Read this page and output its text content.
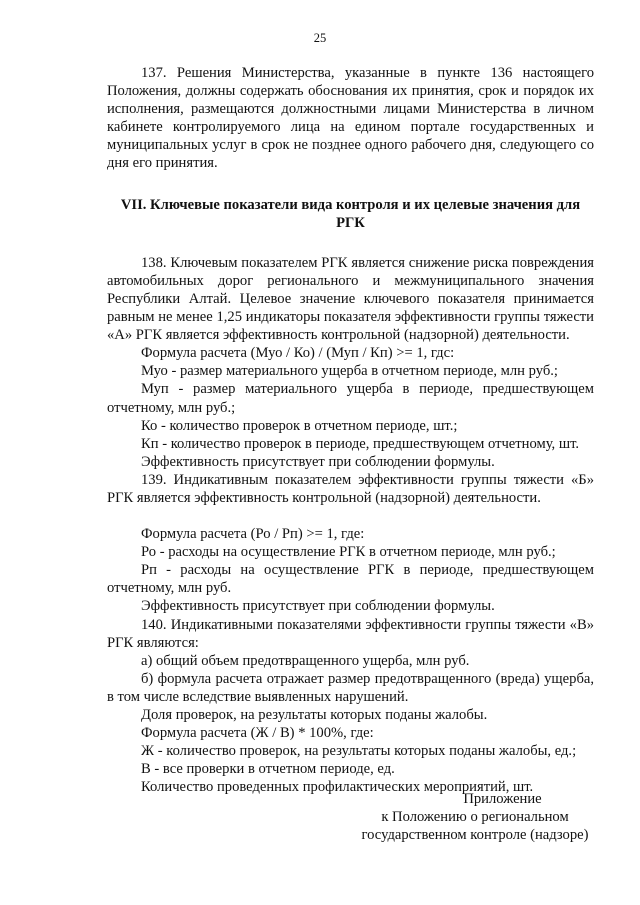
25

137. Решения Министерства, указанные в пункте 136 настоящего Положения, должны содержать обоснования их принятия, срок и порядок их исполнения, размещаются должностными лицами Министерства в личном кабинете контролируемого лица на едином портале государственных и муниципальных услуг в срок не позднее одного рабочего дня, следующего со дня его принятия.

VII. Ключевые показатели вида контроля и их целевые значения для РГК

138. Ключевым показателем РГК является снижение риска повреждения автомобильных дорог регионального и межмуниципального значения Республики Алтай. Целевое значение ключевого показателя принимается равным не менее 1,25 индикаторы показателя эффективности группы тяжести «А» РГК является эффективность контрольной (надзорной) деятельности.

Формула расчета (Муо / Ко) / (Муп / Кп) >= 1, гдс:

Муо - размер материального ущерба в отчетном периоде, млн руб.;

Муп - размер материального ущерба в периоде, предшествующем отчетному, млн руб.;

Ко - количество проверок в отчетном периоде, шт.;

Кп - количество проверок в периоде, предшествующем отчетному, шт.

Эффективность присутствует при соблюдении формулы.

139. Индикативным показателем эффективности группы тяжести «Б» РГК является эффективность контрольной (надзорной) деятельности.

Формула расчета (Ро / Рп) >= 1, где:

Ро - расходы на осуществление РГК в отчетном периоде, млн руб.;

Рп - расходы на осуществление РГК в периоде, предшествующем отчетному, млн руб.

Эффективность присутствует при соблюдении формулы.

140. Индикативными показателями эффективности группы тяжести «В» РГК являются:

а) общий объем предотвращенного ущерба, млн руб.

б) формула расчета отражает размер предотвращенного (вреда) ущерба, в том числе вследствие выявленных нарушений.

Доля проверок, на результаты которых поданы жалобы.

Формула расчета (Ж / В) * 100%, где:

Ж - количество проверок, на результаты которых поданы жалобы, ед.;

В - все проверки в отчетном периоде, ед.

Количество проведенных профилактических мероприятий, шт.

Приложение
к Положению о региональном
государственном контроле (надзоре)
